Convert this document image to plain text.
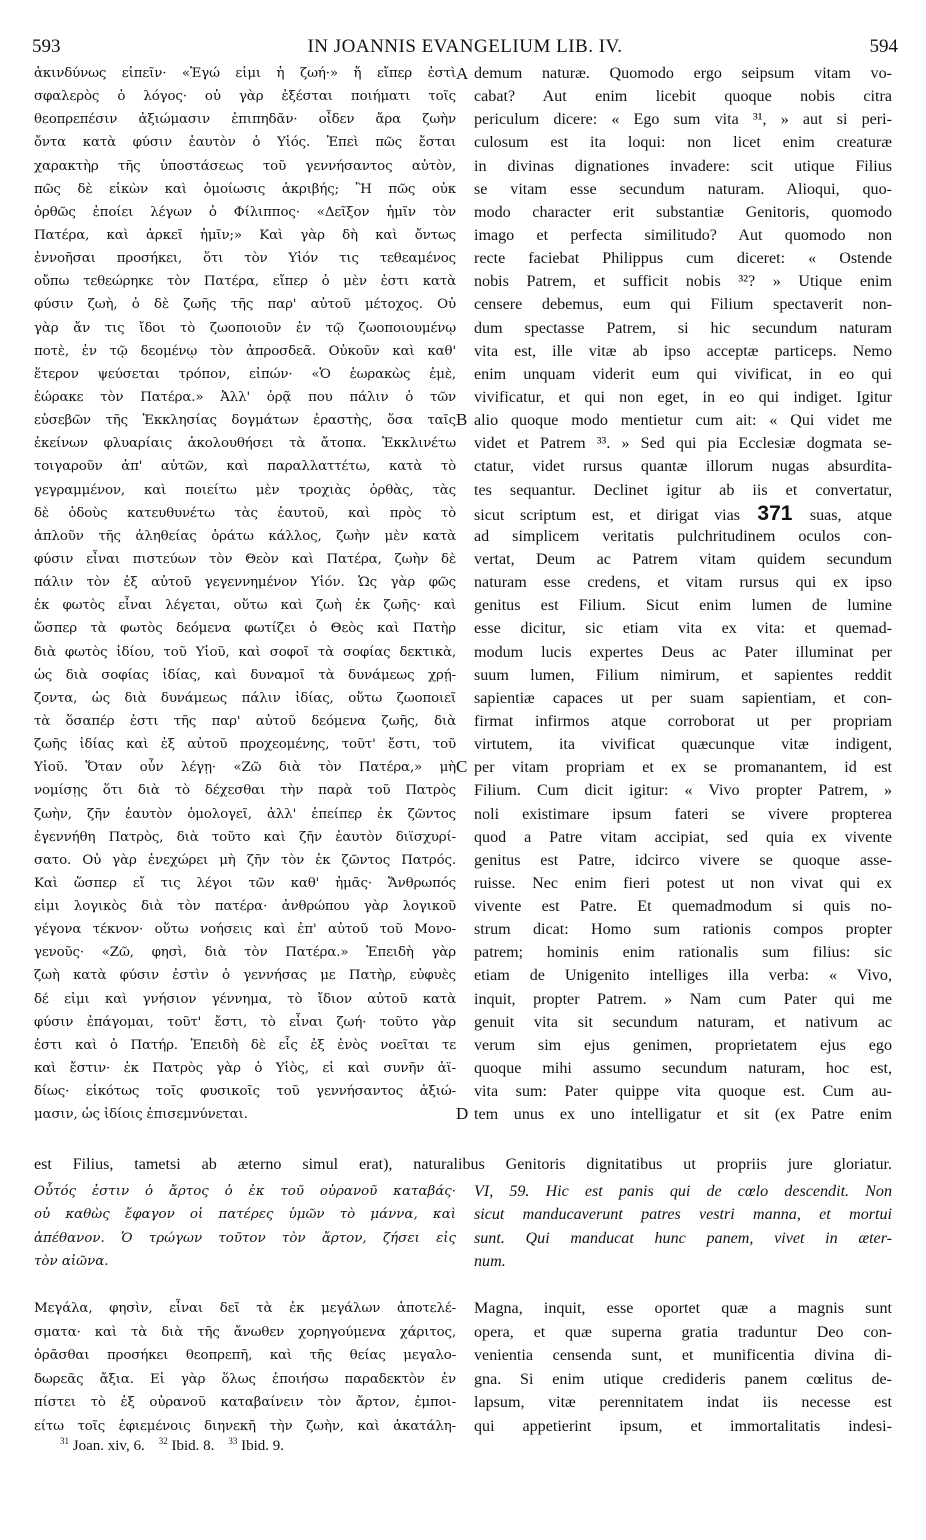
593	IN JOANNIS EVANGELIUM LIB. IV.	594
ἀκινδύνως εἰπεῖν· «Ἐγώ εἰμι ἡ ζωή·» ἤ εἴπερ ἐστὶ
σφαλερὸς ὁ λόγος· οὐ γὰρ ἐξέσται ποιήματι τοῖς
θεοπρεπέσιν ἀξιώμασιν ἐπιπηδᾶν· οἶδεν ἄρα ζωὴν
ὄντα κατὰ φύσιν ἑαυτὸν ὁ Υἱός. Ἐπεὶ πῶς ἔσται
χαρακτὴρ τῆς ὑποστάσεως τοῦ γεννήσαντος αὐτὸν,
πῶς δὲ εἰκὼν καὶ ὁμοίωσις ἀκριβής; Ἢ πῶς οὐκ
ὀρθῶς ἐποίει λέγων ὁ Φίλιππος· «Δεῖξον ἡμῖν τὸν
Πατέρα, καὶ ἀρκεῖ ἡμῖν;» Καὶ γὰρ δὴ καὶ ὄντως
ἐννοῆσαι προσήκει, ὅτι τὸν Υἱόν τις τεθεαμένος
οὔπω τεθεώρηκε τὸν Πατέρα, εἴπερ ὁ μὲν ἐστι κατὰ
φύσιν ζωὴ, ὁ δὲ ζωῆς τῆς παρ' αὐτοῦ μέτοχος. Οὐ
γὰρ ἄν τις ἴδοι τὸ ζωοποιοῦν ἐν τῷ ζωοποιουμένῳ
ποτὲ, ἐν τῷ δεομένῳ τὸν ἀπροσδεᾶ. Οὐκοῦν καὶ καθ'
ἕτερον ψεύσεται τρόπον, εἰπών· «Ὁ ἑωρακὼς ἐμὲ,
ἑώρακε τὸν Πατέρα.» Ἀλλ' ὁρᾷ που πάλιν ὁ τῶν
εὐσεβῶν τῆς Ἐκκλησίας δογμάτων ἐραστὴς, ὅσα ταῖς
ἐκείνων φλυαρίαις ἀκολουθήσει τὰ ἄτοπα. Ἐκκλινέτω
τοιγαροῦν ἀπ' αὐτῶν, καὶ παραλλαττέτω, κατὰ τὸ
γεγραμμένον, καὶ ποιείτω μὲν τροχιὰς ὀρθὰς, τὰς
δὲ ὁδοὺς κατευθυνέτω τὰς ἑαυτοῦ, καὶ πρὸς τὸ
ἁπλοῦν τῆς ἀληθείας ὁράτω κάλλος, ζωὴν μὲν κατὰ
φύσιν εἶναι πιστεύων τὸν Θεὸν καὶ Πατέρα, ζωὴν δὲ
πάλιν τὸν ἐξ αὐτοῦ γεγεννημένον Υἱόν. Ὡς γὰρ φῶς
ἐκ φωτὸς εἶναι λέγεται, οὕτω καὶ ζωὴ ἐκ ζωῆς· καὶ
ὥσπερ τὰ φωτὸς δεόμενα φωτίζει ὁ Θεὸς καὶ Πατὴρ
διὰ φωτὸς ἰδίου, τοῦ Υἱοῦ, καὶ σοφοῖ τὰ σοφίας δεκτικὰ,
ὡς διὰ σοφίας ἰδίας, καὶ δυναμοῖ τὰ δυνάμεως χρῄ-
ζοντα, ὡς διὰ δυνάμεως πάλιν ἰδίας, οὕτω ζωοποιεῖ
τὰ ὅσαπέρ ἐστι τῆς παρ' αὐτοῦ δεόμενα ζωῆς, διὰ
ζωῆς ἰδίας καὶ ἐξ αὐτοῦ προχεομένης, τοῦτ' ἔστι, τοῦ
Υἱοῦ. Ὅταν οὖν λέγῃ· «Ζῶ διὰ τὸν Πατέρα,» μὴ
νομίσῃς ὅτι διὰ τὸ δέχεσθαι τὴν παρὰ τοῦ Πατρὸς
ζωὴν, ζῆν ἑαυτὸν ὁμολογεῖ, ἀλλ' ἐπείπερ ἐκ ζῶντος
ἐγεννήθη Πατρὸς, διὰ τοῦτο καὶ ζῆν ἑαυτὸν διϊσχυρί-
σατο. Οὐ γὰρ ἐνεχώρει μὴ ζῆν τὸν ἐκ ζῶντος Πατρός.
Καὶ ὥσπερ εἴ τις λέγοι τῶν καθ' ἡμᾶς· Ἄνθρωπός
εἰμι λογικὸς διὰ τὸν πατέρα· ἀνθρώπου γὰρ λογικοῦ
γέγονα τέκνον· οὕτω νοήσεις καὶ ἐπ' αὐτοῦ τοῦ Μονο-
γενοῦς· «Ζῶ, φησὶ, διὰ τὸν Πατέρα.» Ἐπειδὴ γὰρ
ζωὴ κατὰ φύσιν ἐστὶν ὁ γεννήσας με Πατὴρ, εὐφυὲς
δέ εἰμι καὶ γνήσιον γέννημα, τὸ ἴδιον αὐτοῦ κατὰ
φύσιν ἐπάγομαι, τοῦτ' ἔστι, τὸ εἶναι ζωή· τοῦτο γὰρ
ἐστι καὶ ὁ Πατήρ. Ἐπειδὴ δὲ εἷς ἐξ ἑνὸς νοεῖται τε
καὶ ἔστιν· ἐκ Πατρὸς γὰρ ὁ Υἱὸς, εἰ καὶ συνῆν ἀϊ-
δίως· εἰκότως τοῖς φυσικοῖς τοῦ γεννήσαντος ἀξιώ-
μασιν, ὡς ἰδίοις ἐπισεμνύνεται.
demum naturæ. Quomodo ergo seipsum vitam vo-
cabat? Aut enim licebit quoque nobis citra
periculum dicere: « Ego sum vita ³¹, » aut si peri-
culosum est ita loqui: non licet enim creaturæ
in divinas dignationes invadere: scit utique Filius
se vitam esse secundum naturam. Alioqui, quo-
modo character erit substantiæ Genitoris, quomodo
imago et perfecta similitudo? Aut quomodo non
recte faciebat Philippus cum diceret: « Ostende
nobis Patrem, et sufficit nobis ³²? » Utique enim
censere debemus, eum qui Filium spectaverit non-
dum spectasse Patrem, si hic secundum naturam
vita est, ille vitæ ab ipso acceptæ particeps. Nemo
enim unquam viderit eum qui vivificat, in eo qui
vivificatur, et qui non eget, in eo qui indiget. Igitur
alio quoque modo mentietur cum ait: « Qui videt me
videt et Patrem ³³. » Sed qui pia Ecclesiæ dogmata se-
ctatur, videt rursus quantæ illorum nugas absurdita-
tes sequantur. Declinet igitur ab iis et convertatur,
sicut scriptum est, et dirigat vias 371 suas, atque
ad simplicem veritatis pulchritudinem oculos con-
vertat, Deum ac Patrem vitam quidem secundum
naturam esse credens, et vitam rursus qui ex ipso
genitus est Filium. Sicut enim lumen de lumine
esse dicitur, sic etiam vita ex vita: et quemad-
modum lucis expertes Deus ac Pater illuminat per
suum lumen, Filium nimirum, et sapientes reddit
sapientiæ capaces ut per suam sapientiam, et con-
firmat infirmos atque corroborat ut per propriam
virtutem, ita vivificat quæcunque vitæ indigent,
per vitam propriam et ex se promanantem, id est
Filium. Cum dicit igitur: « Vivo propter Patrem, »
noli existimare ipsum fateri se vivere propterea
quod a Patre vitam accipiat, sed quia ex vivente
genitus est Patre, idcirco vivere se quoque asse-
ruisse. Nec enim fieri potest ut non vivat qui ex
vivente est Patre. Et quemadmodum si quis no-
strum dicat: Homo sum rationis compos propter
patrem; hominis enim rationalis sum filius: sic
etiam de Unigenito intelliges illa verba: « Vivo,
inquit, propter Patrem. » Nam cum Pater qui me
genuit vita sit secundum naturam, et nativum ac
verum sim ejus genimen, proprietatem ejus ego
quoque mihi assumo secundum naturam, hoc est,
vita sum: Pater quippe vita quoque est. Cum au-
tem unus ex uno intelligatur et sit (ex Patre enim
A
B
C
D
est Filius, tametsi ab æterno simul erat), naturalibus Genitoris dignitatibus ut propriis jure gloriatur.
Οὗτός ἐστιν ὁ ἄρτος ὁ ἐκ τοῦ οὐρανοῦ καταβάς·
οὐ καθὼς ἔφαγον οἱ πατέρες ὑμῶν τὸ μάννα, καὶ
ἀπέθανον. Ὁ τρώγων τοῦτον τὸν ἄρτον, ζήσει εἰς
τὸν αἰῶνα.
VI, 59. Hic est panis qui de cœlo descendit. Non
sicut manducaverunt patres vestri manna, et mortui
sunt. Qui manducat hunc panem, vivet in æter-
num.
Μεγάλα, φησὶν, εἶναι δεῖ τὰ ἐκ μεγάλων ἀποτελέ-
σματα· καὶ τὰ διὰ τῆς ἄνωθεν χορηγούμενα χάριτος,
ὁρᾶσθαι προσήκει θεοπρεπῆ, καὶ τῆς θείας μεγαλο-
δωρεᾶς ἄξια. Εἰ γὰρ ὅλως ἐποιήσω παραδεκτὸν ἐν
πίστει τὸ ἐξ οὐρανοῦ καταβαίνειν τὸν ἄρτον, ἐμποι-
είτω τοῖς ἐφιεμένοις διηνεκῆ τὴν ζωὴν, καὶ ἀκατάλη-
Magna, inquit, esse oportet quæ a magnis sunt
opera, et quæ superna gratia traduntur Deo con-
venientia censenda sunt, et munificentia divina di-
gna. Si enim utique credideris panem cœlitus de-
lapsum, vitæ perennitatem indat iis necesse est
qui appetierint ipsum, et immortalitatis indesi-
$^{31}$ Joan. xiv, 6. $^{32}$ Ibid. 8. $^{33}$ Ibid. 9.
